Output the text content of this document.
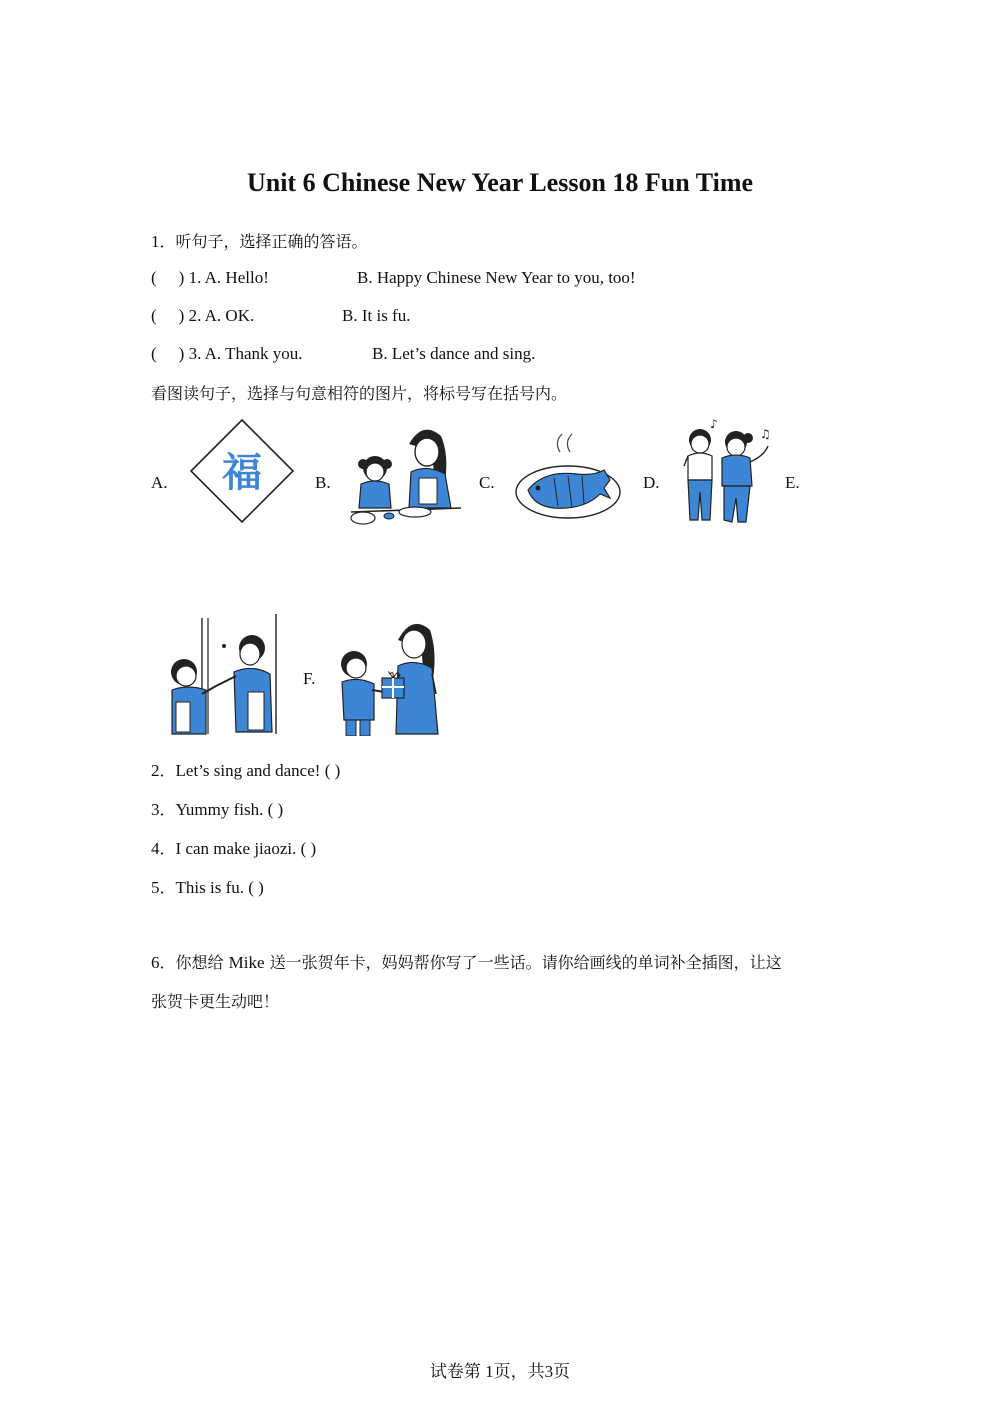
Unit 6 Chinese New Year Lesson 18 Fun Time
1．听句子，选择正确的答语。
( ) 1. A. Hello!	B. Happy Chinese New Year to you, too!
( ) 2. A. OK.	B. It is fu.
( ) 3. A. Thank you.	B. Let’s dance and sing.
看图读句子，选择与句意相符的图片，将标号写在括号内。
A.	B.	C.	D.	E.
F.
福
♪
♫
2．Let’s sing and dance! ( )
3．Yummy fish. ( )
4．I can make jiaozi. ( )
5．This is fu. ( )
6．你想给 Mike 送一张贺年卡，妈妈帮你写了一些话。请你给画线的单词补全插图，让这
张贺卡更生动吧！
试卷第 1页，共3页
